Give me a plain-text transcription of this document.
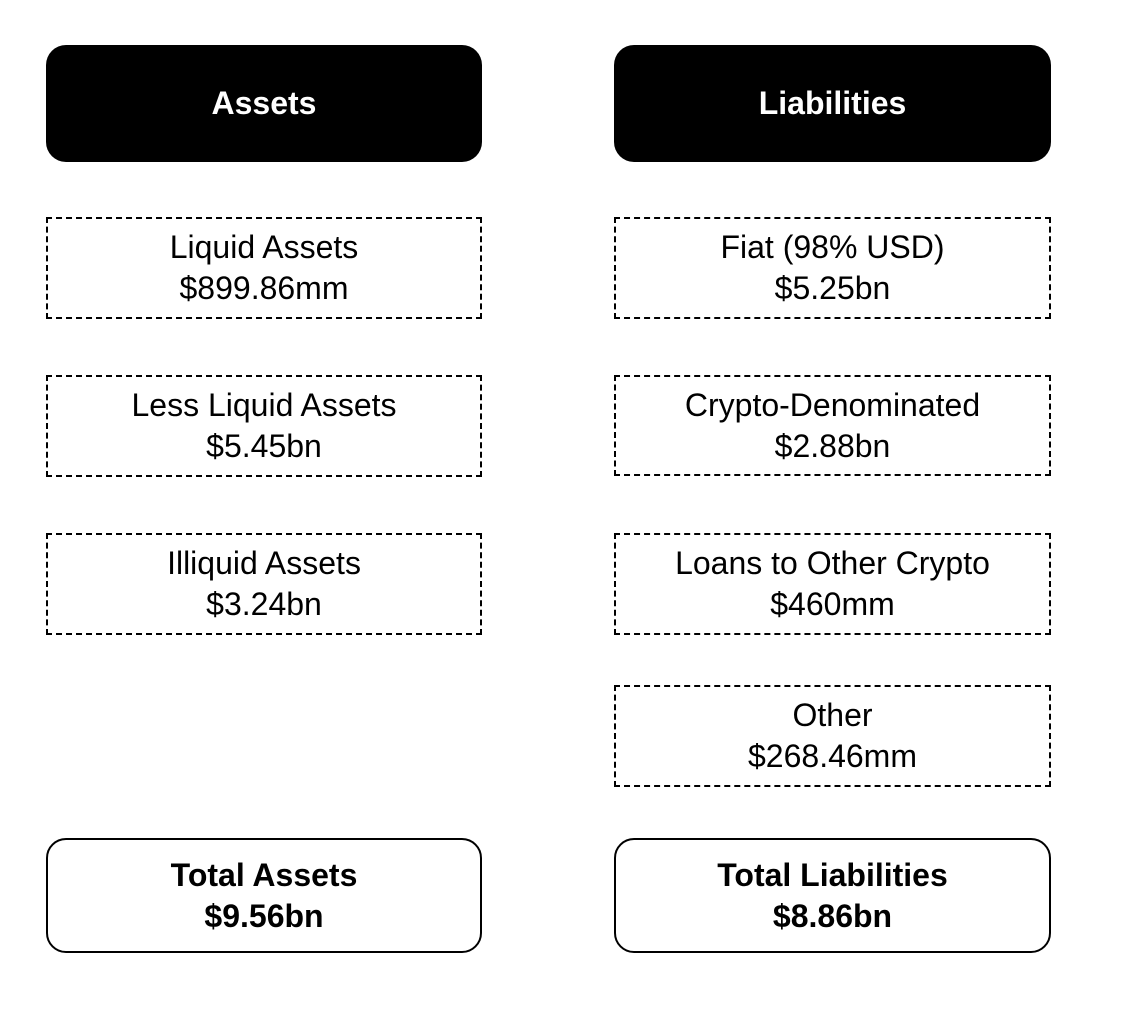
Assets	Liabilities
Liquid Assets
$899.86mm
Less Liquid Assets
$5.45bn
Illiquid Assets
$3.24bn
Fiat (98% USD)
$5.25bn
Crypto-Denominated
$2.88bn
Loans to Other Crypto
$460mm
Other
$268.46mm
Total Assets
$9.56bn
Total Liabilities
$8.86bn
